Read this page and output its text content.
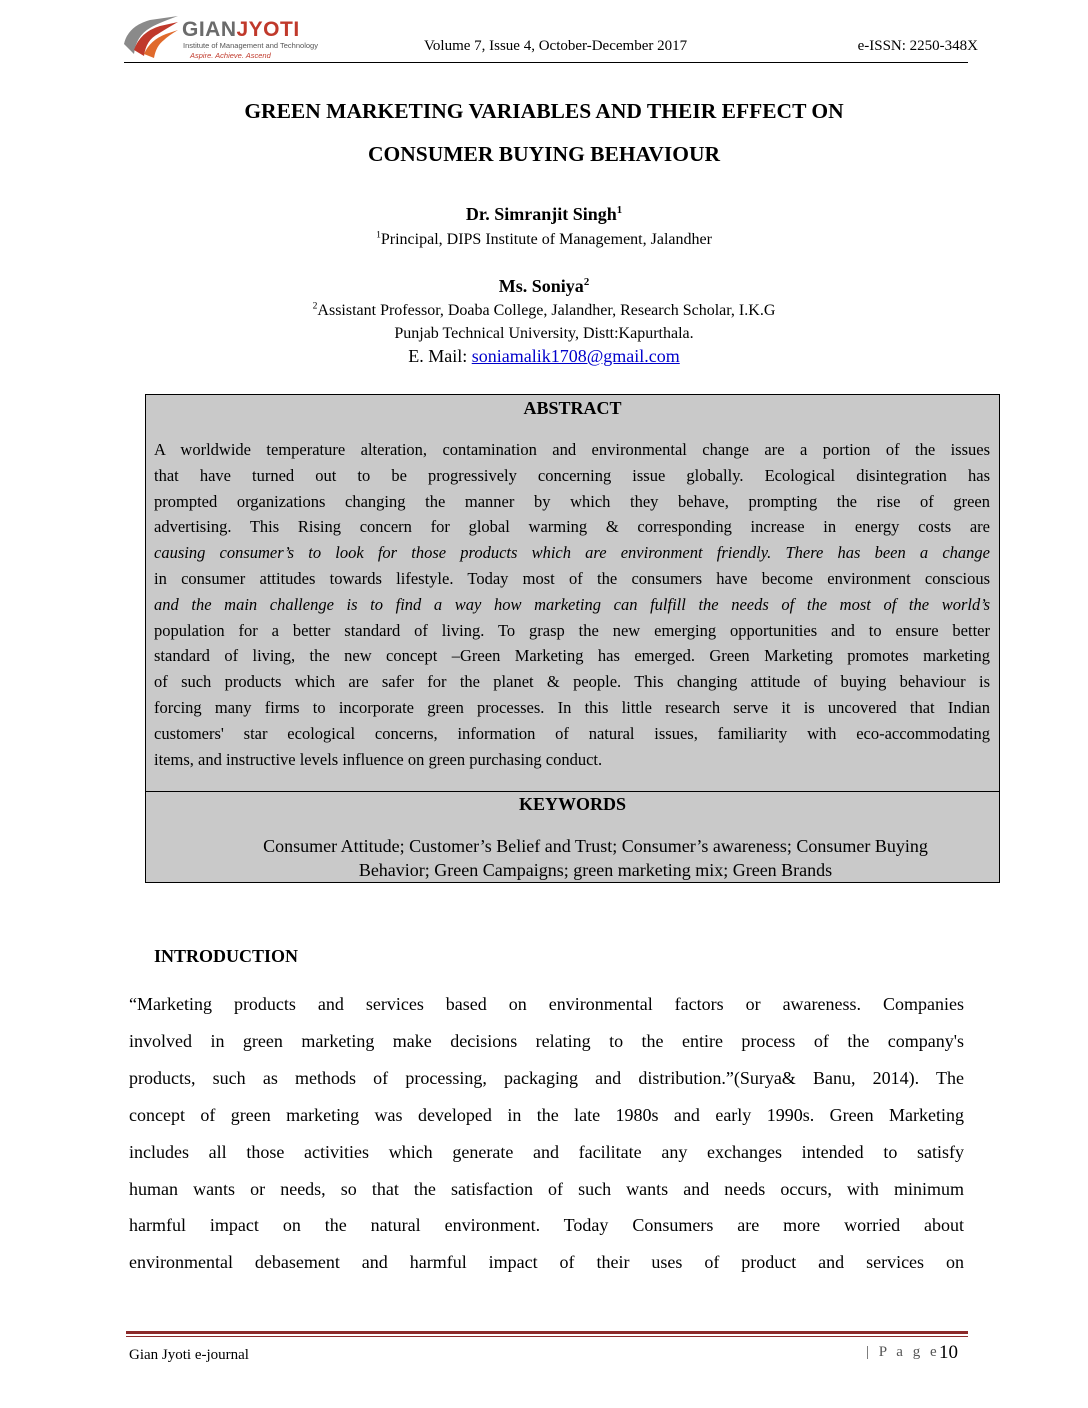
GIANJYOTI
Institute of Management and Technology
Aspire. Achieve. Ascend
Volume 7, Issue 4, October-December 2017	e-ISSN: 2250-348X
GREEN MARKETING VARIABLES AND THEIR EFFECT ON
CONSUMER BUYING BEHAVIOUR
Dr. Simranjit Singh$^1$
$^1$Principal, DIPS Institute of Management, Jalandher
Ms. Soniya$^2$
$^2$Assistant Professor, Doaba College, Jalandher, Research Scholar, I.K.G
Punjab Technical University, Distt:Kapurthala.
E. Mail: soniamalik1708@gmail.com
ABSTRACT
A worldwide temperature alteration, contamination and environmental change are a portion of the issues
that have turned out to be progressively concerning issue globally. Ecological disintegration has
prompted organizations changing the manner by which they behave, prompting the rise of green
advertising. This Rising concern for global warming & corresponding increase in energy costs are
causing consumer’s to look for those products which are environment friendly. There has been a change
in consumer attitudes towards lifestyle. Today most of the consumers have become environment conscious
and the main challenge is to find a way how marketing can fulfill the needs of the most of the world’s
population for a better standard of living. To grasp the new emerging opportunities and to ensure better
standard of living, the new concept –Green Marketing has emerged. Green Marketing promotes marketing
of such products which are safer for the planet & people. This changing attitude of buying behaviour is
forcing many firms to incorporate green processes. In this little research serve it is uncovered that Indian
customers' star ecological concerns, information of natural issues, familiarity with eco-accommodating
items, and instructive levels influence on green purchasing conduct.
KEYWORDS
Consumer Attitude; Customer’s Belief and Trust; Consumer’s awareness; Consumer Buying
Behavior; Green Campaigns; green marketing mix; Green Brands
INTRODUCTION
“Marketing products and services based on environmental factors or awareness. Companies
involved in green marketing make decisions relating to the entire process of the company's
products, such as methods of processing, packaging and distribution.”(Surya& Banu, 2014). The
concept of green marketing was developed in the late 1980s and early 1990s. Green Marketing
includes all those activities which generate and facilitate any exchanges intended to satisfy
human wants or needs, so that the satisfaction of such wants and needs occurs, with minimum
harmful impact on the natural environment. Today Consumers are more worried about
environmental debasement and harmful impact of their uses of product and services on
Gian Jyoti e-journal	| P a g e 10
